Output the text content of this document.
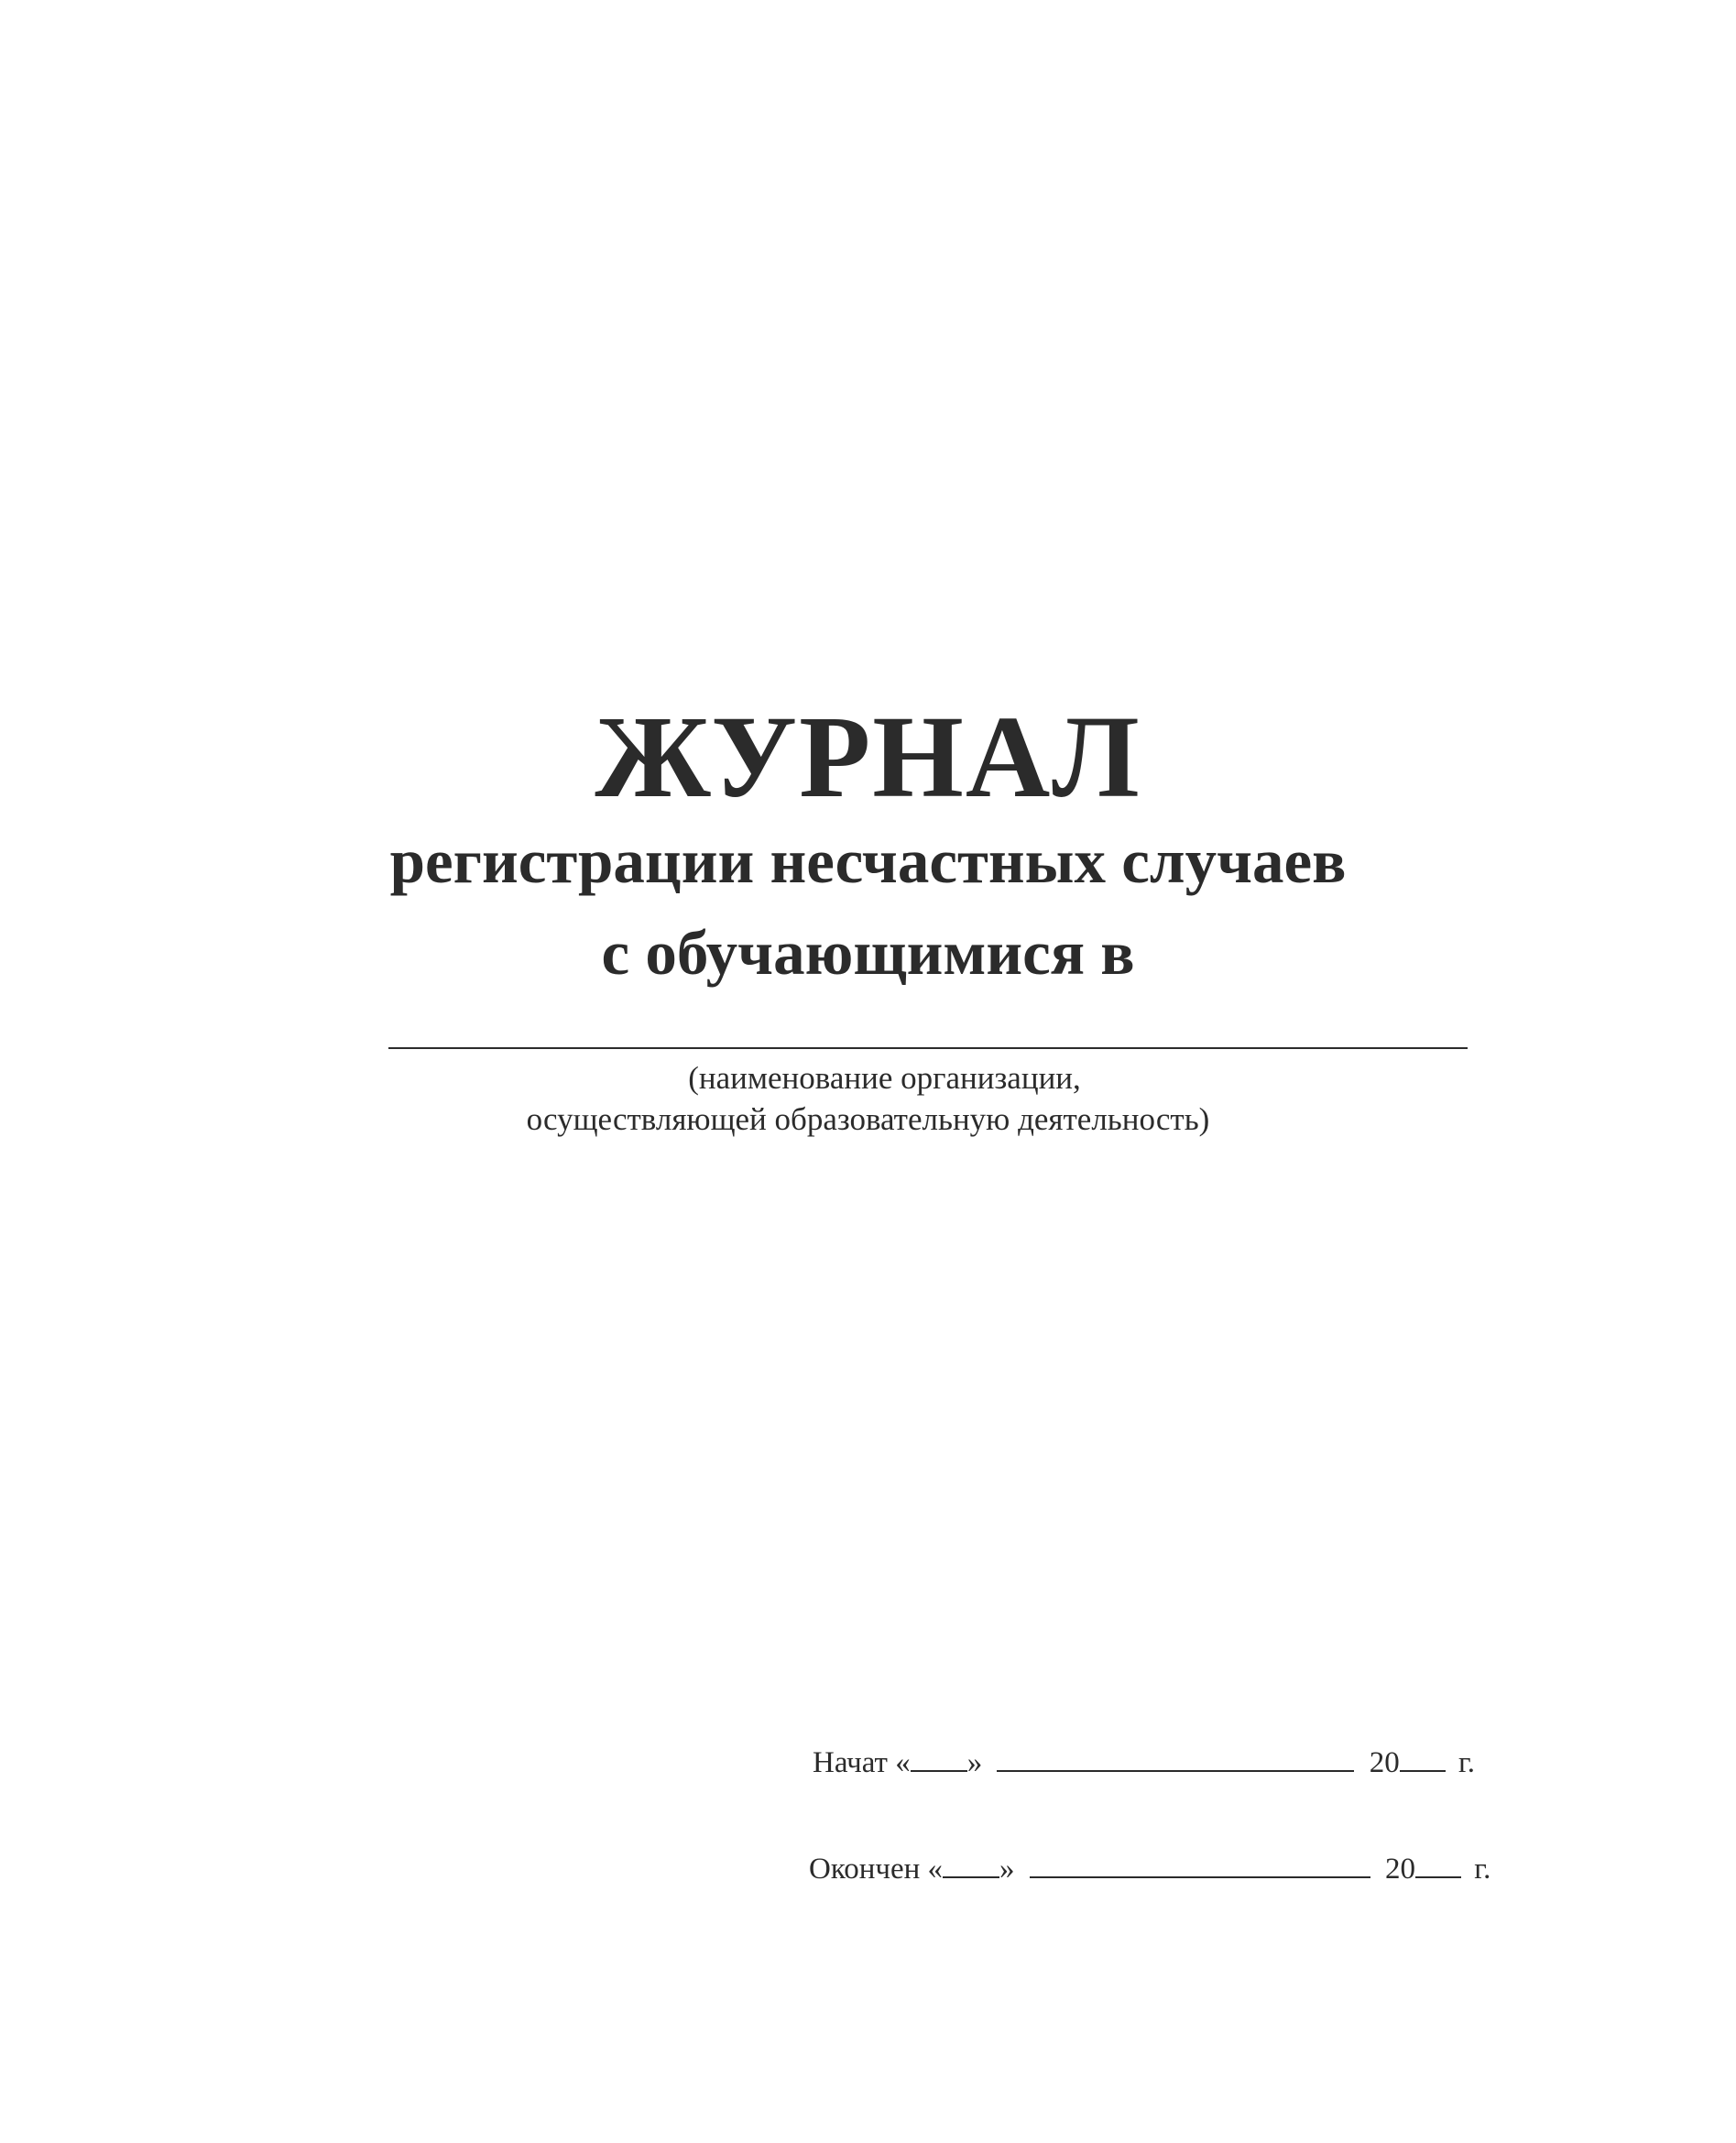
ЖУРНАЛ
регистрации несчастных случаев
с обучающимися в
(наименование организации,
осуществляющей образовательную деятельность)
Начат « »	20 г.
Окончен « »	20 г.
